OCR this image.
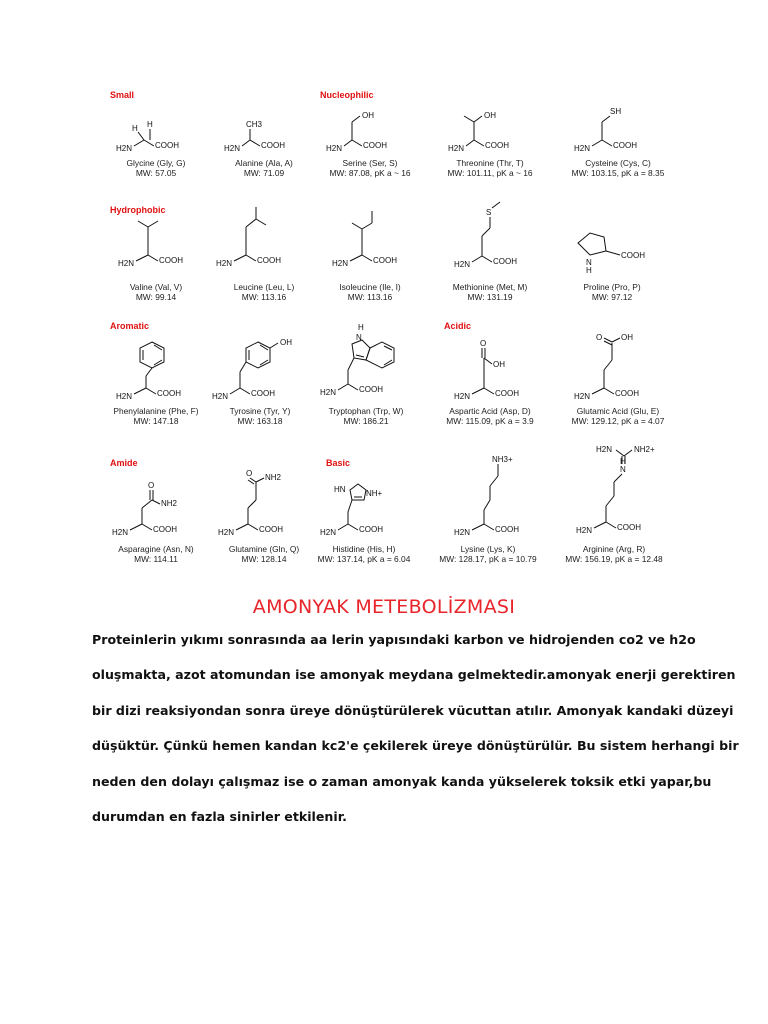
Small	Nucleophilic
Hydrophobic
Aromatic	Acidic
Amide	Basic
H H
H2N	COOH
Glycine (Gly, G)
MW: 57.05
CH3
H2N	COOH
Alanine (Ala, A)
MW: 71.09
OH
H2N	COOH
Serine (Ser, S)
MW: 87.08, pK a ~ 16
OH
H2N	COOH
Threonine (Thr, T)
MW: 101.11, pK a ~ 16
SH
H2N	COOH
Cysteine (Cys, C)
MW: 103.15, pK a = 8.35
H2N	COOH
Valine (Val, V)
MW: 99.14
H2N	COOH
Leucine (Leu, L)
MW: 113.16
H2N	COOH
Isoleucine (Ile, I)
MW: 113.16
S
H2N	COOH
Methionine (Met, M)
MW: 131.19
N
H
COOH
Proline (Pro, P)
MW: 97.12
H2N	COOH
Phenylalanine (Phe, F)
MW: 147.18
OH
H2N	COOH
Tyrosine (Tyr, Y)
MW: 163.18
H
N
H2N	COOH
Tryptophan (Trp, W)
MW: 186.21
O
OH
H2N	COOH
Aspartic Acid (Asp, D)
MW: 115.09, pK a = 3.9
O OH
H2N	COOH
Glutamic Acid (Glu, E)
MW: 129.12, pK a = 4.07
O
NH2
H2N	COOH
Asparagine (Asn, N)
MW: 114.11
O NH2
H2N	COOH
Glutamine (Gln, Q)
MW: 128.14
HN	NH+
H2N	COOH
Histidine (His, H)
MW: 137.14, pK a = 6.04
NH3+
H2N	COOH
Lysine (Lys, K)
MW: 128.17, pK a = 10.79
H2N	NH2+
N
H
H2N	COOH
Arginine (Arg, R)
MW: 156.19, pK a = 12.48
AMONYAK METEBOLİZMASI
Proteinlerin yıkımı sonrasında aa lerin yapısındaki karbon ve hidrojenden co2 ve h2o
oluşmakta, azot atomundan ise amonyak meydana gelmektedir.amonyak enerji gerektiren
bir dizi reaksiyondan sonra üreye dönüştürülerek vücuttan atılır. Amonyak kandaki düzeyi
düşüktür. Çünkü hemen kandan kc2'e çekilerek üreye dönüştürülür. Bu sistem herhangi bir
neden den dolayı çalışmaz ise o zaman amonyak kanda yükselerek toksik etki yapar,bu
durumdan en fazla sinirler etkilenir.
